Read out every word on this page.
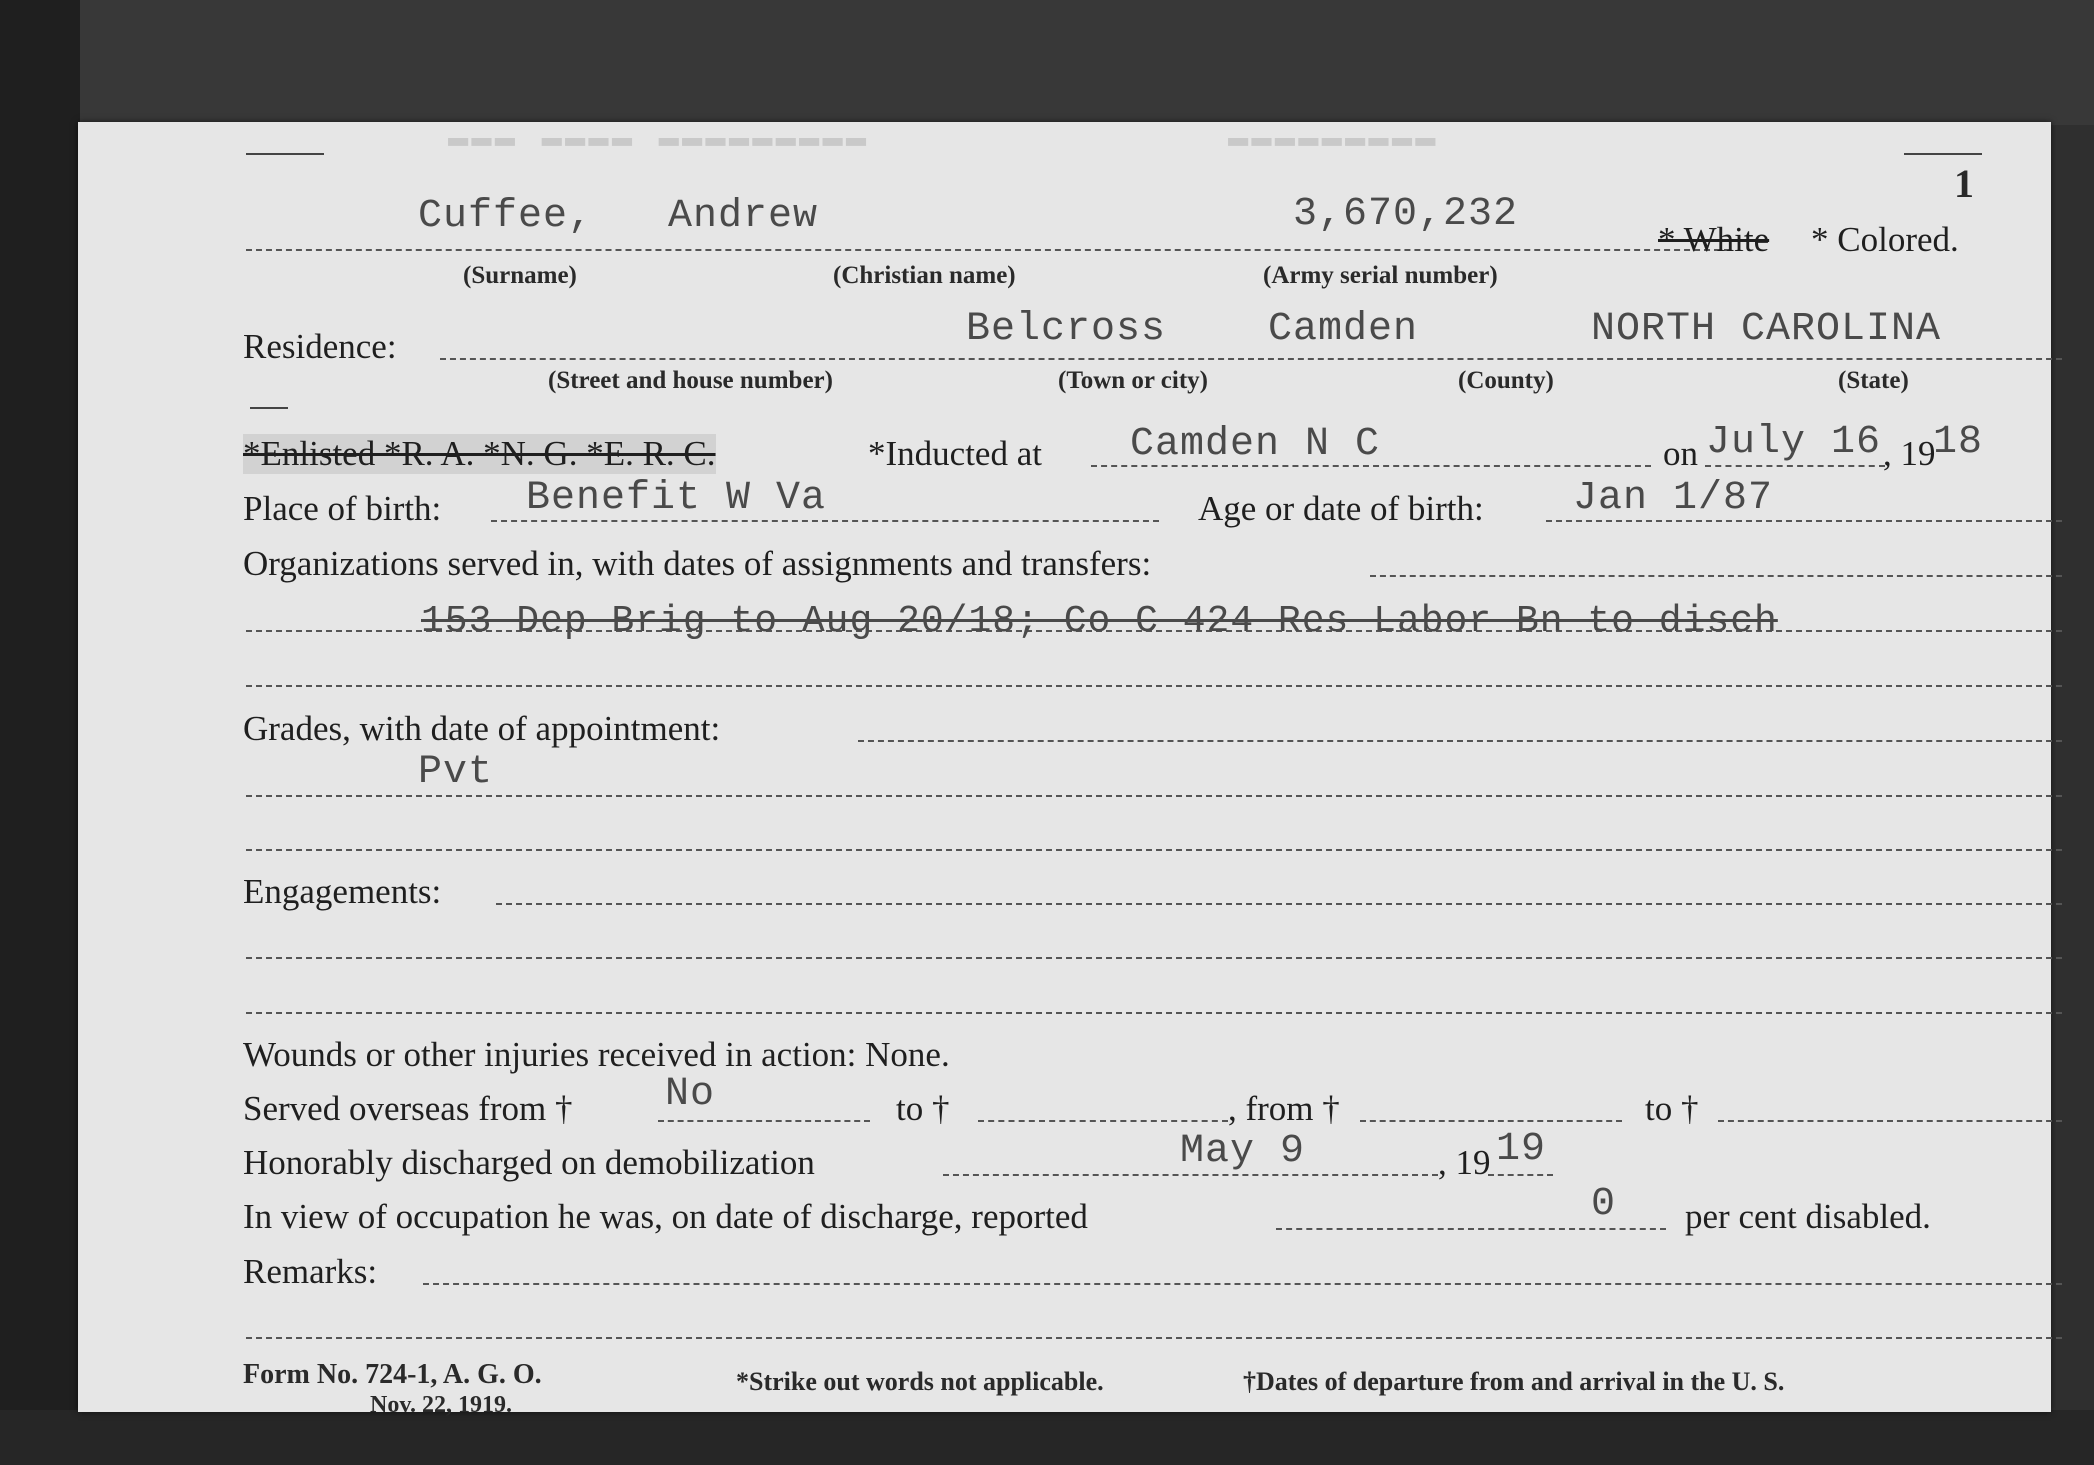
▬▬▬ ▬▬▬▬ ▬▬▬▬▬▬▬▬▬	▬▬▬▬▬▬▬▬▬
1
Cuffee, Andrew	3,670,232
* White * Colored.
(Surname)	(Christian name)	(Army serial number)
Residence:	Belcross	Camden	NORTH CAROLINA
(Street and house number)	(Town or city)	(County)	(State)
*Enlisted *R. A. *N. G. *E. R. C.	*Inducted at Camden N C	on July 16 , 19
18
Place of birth: Benefit W Va	Age or date of birth: Jan 1/87
Organizations served in, with dates of assignments and transfers:
153 Dep Brig to Aug 20/18; Co C 424 Res Labor Bn to disch
Grades, with date of appointment:
Pvt
Engagements:
Wounds or other injuries received in action: None.
Served overseas from † No	to †	, from †	to †
Honorably discharged on demobilization	May 9	, 19 19
In view of occupation he was, on date of discharge, reported	0 per cent disabled.
Remarks:
Form No. 724-1, A. G. O.
Nov. 22, 1919.
*Strike out words not applicable.	†Dates of departure from and arrival in the U. S.
